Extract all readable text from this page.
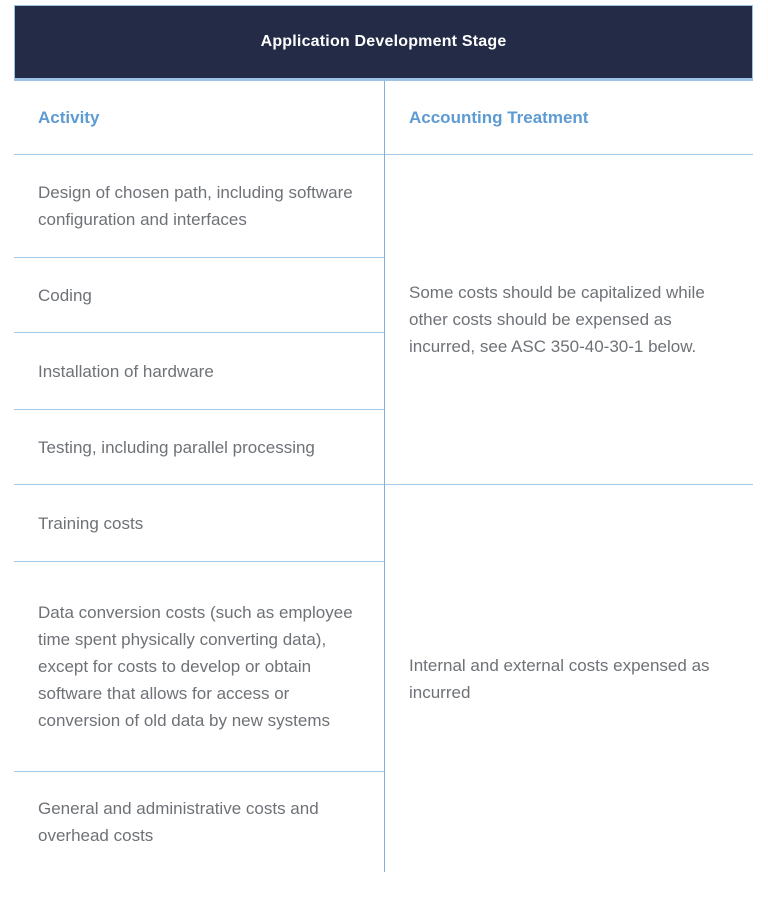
Application Development Stage
Activity
Design of chosen path, including software configuration and interfaces
Coding
Installation of hardware
Testing, including parallel processing
Training costs
Data conversion costs (such as employee time spent physically converting data), except for costs to develop or obtain software that allows for access or conversion of old data by new systems
General and administrative costs and overhead costs
Accounting Treatment
Some costs should be capitalized while other costs should be expensed as incurred, see ASC 350-40-30-1 below.
Internal and external costs expensed as incurred
